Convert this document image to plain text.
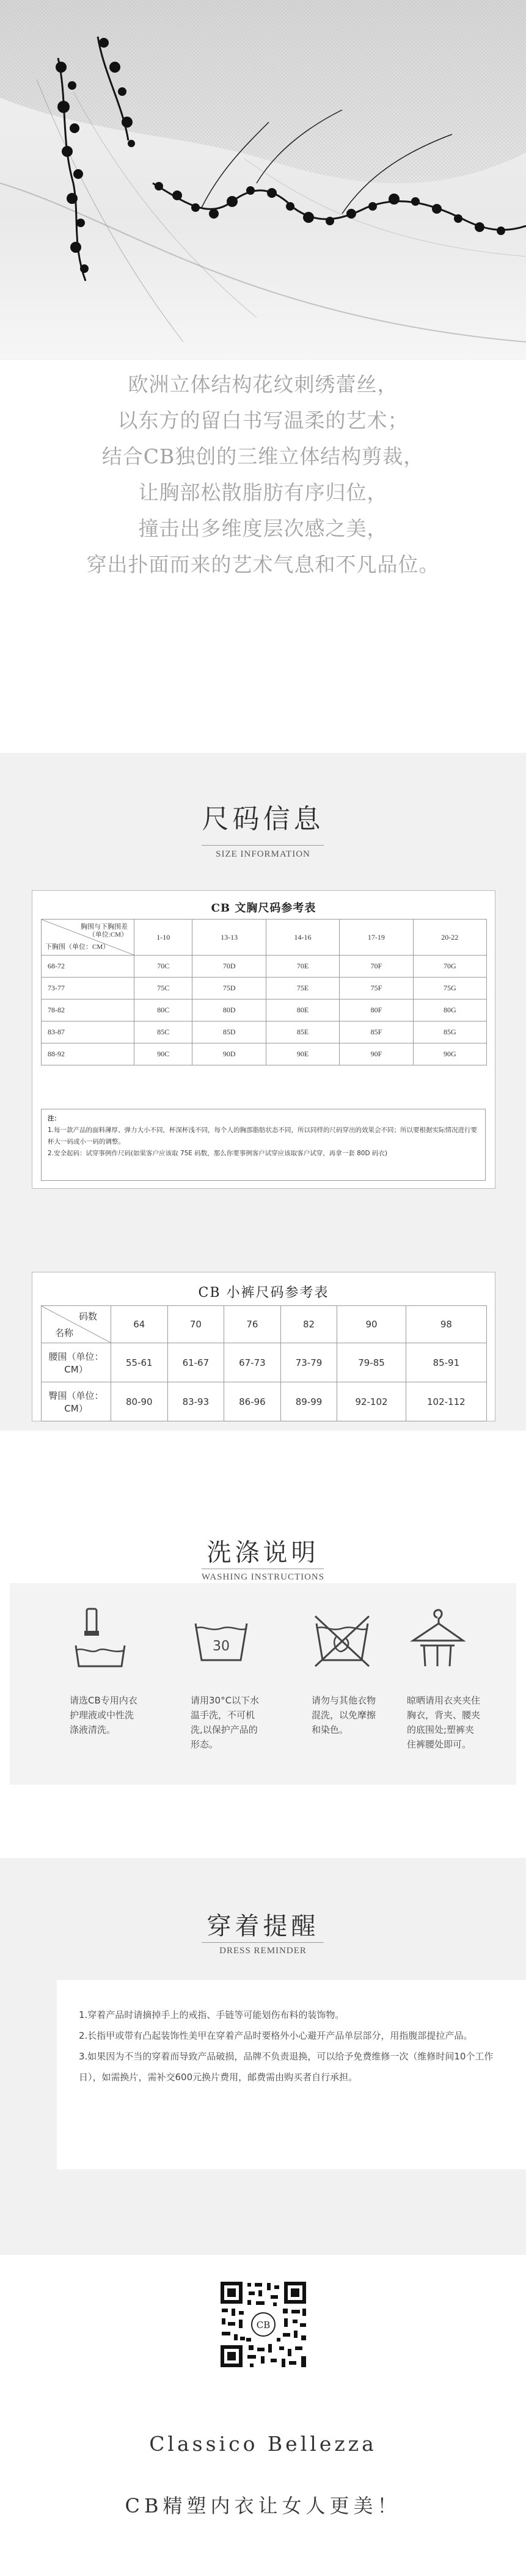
欧洲立体结构花纹刺绣蕾丝，
以东方的留白书写温柔的艺术；
结合CB独创的三维立体结构剪裁，
让胸部松散脂肪有序归位，
撞击出多维度层次感之美，
穿出扑面而来的艺术气息和不凡品位。
尺码信息
SIZE INFORMATION
CB 文胸尺码参考表
胸围与下胸围差
（单位:CM）
下胸围（单位：CM）	1-10	13-13	14-16	17-19	20-22
68-72	70C	70D	70E	70F	70G
73-77	75C	75D	75E	75F	75G
78-82	80C	80D	80E	80F	80G
83-87	85C	85D	85E	85F	85G
88-92	90C	90D	90E	90F	90G
注：
1.每一款产品的面料薄厚、弹力大小不同，杯深杯浅不同，每个人的胸部脂肪状态不同，所以同样的尺码穿出的效果会不同；所以要根据实际情况进行要杯大一码或小一码的调整。
2.安全起码：试穿事例作尺码(如果客户应该取 75E 码数，那么你要事例客户试穿应该取客户试穿，再拿一套 80D 码衣)
CB 小裤尺码参考表
码数
名称	64	70	76	82	90	98
腰围（单位：CM）	55-61	61-67	67-73	73-79	79-85	85-91
臀围（单位：CM）	80-90	83-93	86-96	89-99	92-102	102-112
洗涤说明
WASHING INSTRUCTIONS
请选CB专用内衣护理液或中性洗涤液清洗。
30
请用30°C以下水温手洗，不可机洗,以保护产品的形态。
请勿与其他衣物混洗，以免摩擦和染色。
晾晒请用衣夹夹住胸衣，背夹、腰夹的底围处;塑裤夹住裤腰处即可。
穿着提醒
DRESS REMINDER
1.穿着产品时请摘掉手上的戒指、手链等可能划伤布料的装饰物。
2.长指甲或带有凸起装饰性美甲在穿着产品时要格外小心避开产品单层部分，用指腹部提拉产品。
3.如果因为不当的穿着而导致产品破损，品牌不负责退换，可以给予免费维修一次（维修时间10个工作日），如需换片，需补交600元换片费用，邮费需由购买者自行承担。
CB
Classico Bellezza
CB精塑内衣让女人更美！
